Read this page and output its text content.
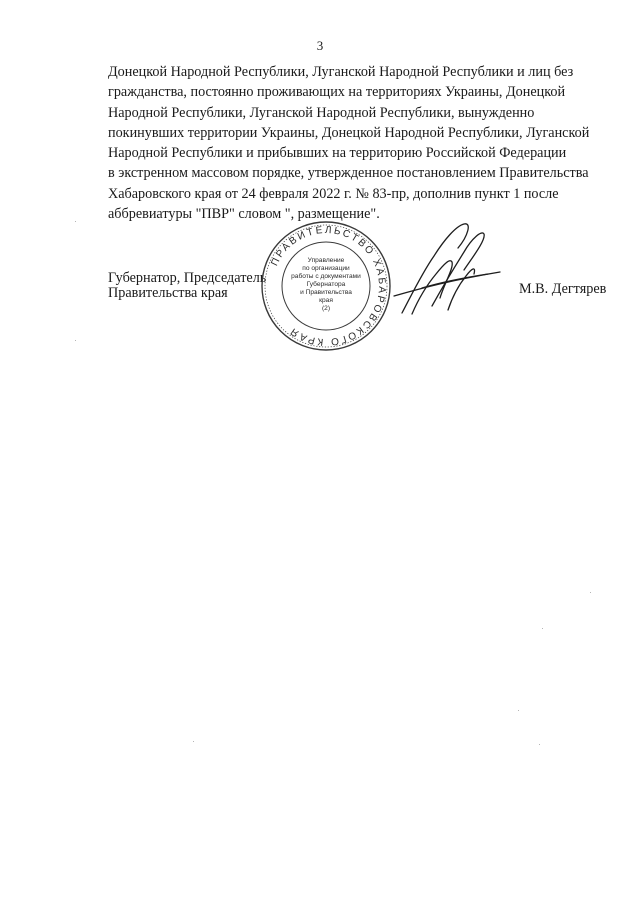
3
Донецкой Народной Республики, Луганской Народной Республики и лиц без
гражданства, постоянно проживающих на территориях Украины, Донецкой
Народной Республики, Луганской Народной Республики, вынужденно
покинувших территории Украины, Донецкой Народной Республики, Луганской
Народной Республики и прибывших на территорию Российской Федерации
в экстренном массовом порядке, утвержденное постановлением Правительства
Хабаровского края от 24 февраля 2022 г. № 83-пр, дополнив пункт 1 после
аббревиатуры "ПВР" словом ", размещение".
Губернатор, Председатель
Правительства края	М.В. Дегтярев
ПРАВИТЕЛЬСТВО ХАБАРОВСКОГО КРАЯ
Управление
по организации
работы с документами
Губернатора
и Правительства
края
(2)
